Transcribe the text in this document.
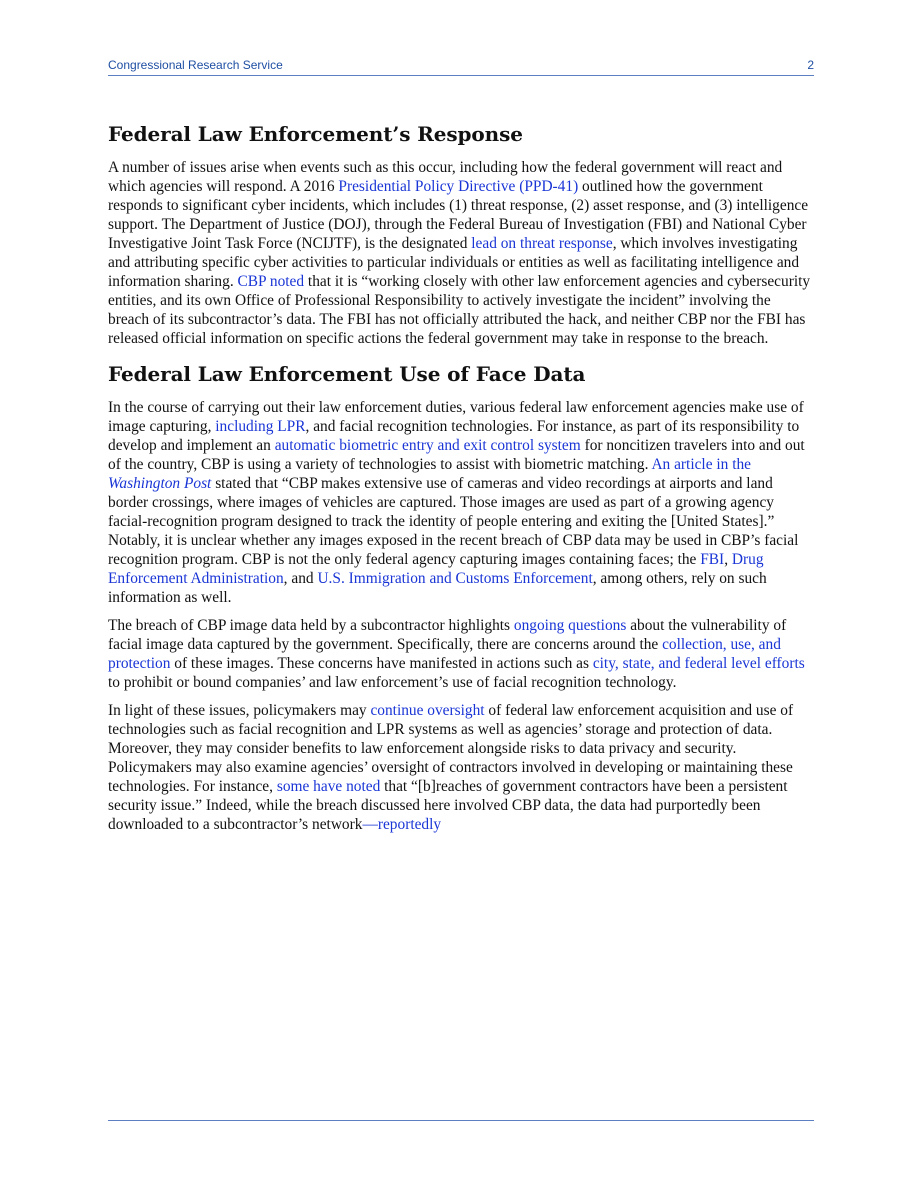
Congressional Research Service	2
Federal Law Enforcement’s Response

A number of issues arise when events such as this occur, including how the federal government will react and which agencies will respond. A 2016 Presidential Policy Directive (PPD-41) outlined how the government responds to significant cyber incidents, which includes (1) threat response, (2) asset response, and (3) intelligence support. The Department of Justice (DOJ), through the Federal Bureau of Investigation (FBI) and National Cyber Investigative Joint Task Force (NCIJTF), is the designated lead on threat response, which involves investigating and attributing specific cyber activities to particular individuals or entities as well as facilitating intelligence and information sharing. CBP noted that it is “working closely with other law enforcement agencies and cybersecurity entities, and its own Office of Professional Responsibility to actively investigate the incident” involving the breach of its subcontractor’s data. The FBI has not officially attributed the hack, and neither CBP nor the FBI has released official information on specific actions the federal government may take in response to the breach.

Federal Law Enforcement Use of Face Data

In the course of carrying out their law enforcement duties, various federal law enforcement agencies make use of image capturing, including LPR, and facial recognition technologies. For instance, as part of its responsibility to develop and implement an automatic biometric entry and exit control system for noncitizen travelers into and out of the country, CBP is using a variety of technologies to assist with biometric matching. An article in the Washington Post stated that “CBP makes extensive use of cameras and video recordings at airports and land border crossings, where images of vehicles are captured. Those images are used as part of a growing agency facial-recognition program designed to track the identity of people entering and exiting the [United States].” Notably, it is unclear whether any images exposed in the recent breach of CBP data may be used in CBP’s facial recognition program. CBP is not the only federal agency capturing images containing faces; the FBI, Drug Enforcement Administration, and U.S. Immigration and Customs Enforcement, among others, rely on such information as well.

The breach of CBP image data held by a subcontractor highlights ongoing questions about the vulnerability of facial image data captured by the government. Specifically, there are concerns around the collection, use, and protection of these images. These concerns have manifested in actions such as city, state, and federal level efforts to prohibit or bound companies’ and law enforcement’s use of facial recognition technology.

In light of these issues, policymakers may continue oversight of federal law enforcement acquisition and use of technologies such as facial recognition and LPR systems as well as agencies’ storage and protection of data. Moreover, they may consider benefits to law enforcement alongside risks to data privacy and security. Policymakers may also examine agencies’ oversight of contractors involved in developing or maintaining these technologies. For instance, some have noted that “[b]reaches of government contractors have been a persistent security issue.” Indeed, while the breach discussed here involved CBP data, the data had purportedly been downloaded to a subcontractor’s network—reportedly
